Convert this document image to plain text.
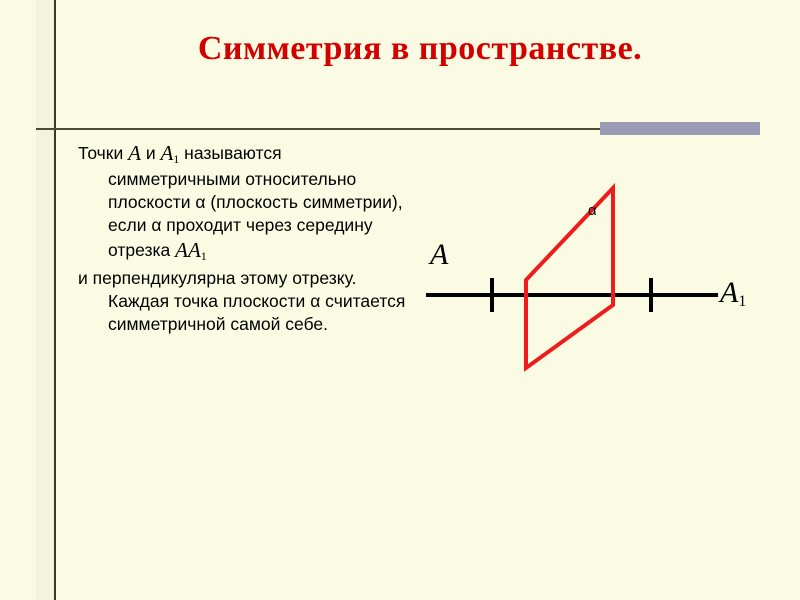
Симметрия в пространстве.
Точки A и $A_1$ называются симметричными относительно плоскости α (плоскость симметрии), если α проходит через середину отрезка $AA_1$
и перпендикулярна этому отрезку. Каждая точка плоскости α считается симметричной самой себе.
A
$A_1$
α
